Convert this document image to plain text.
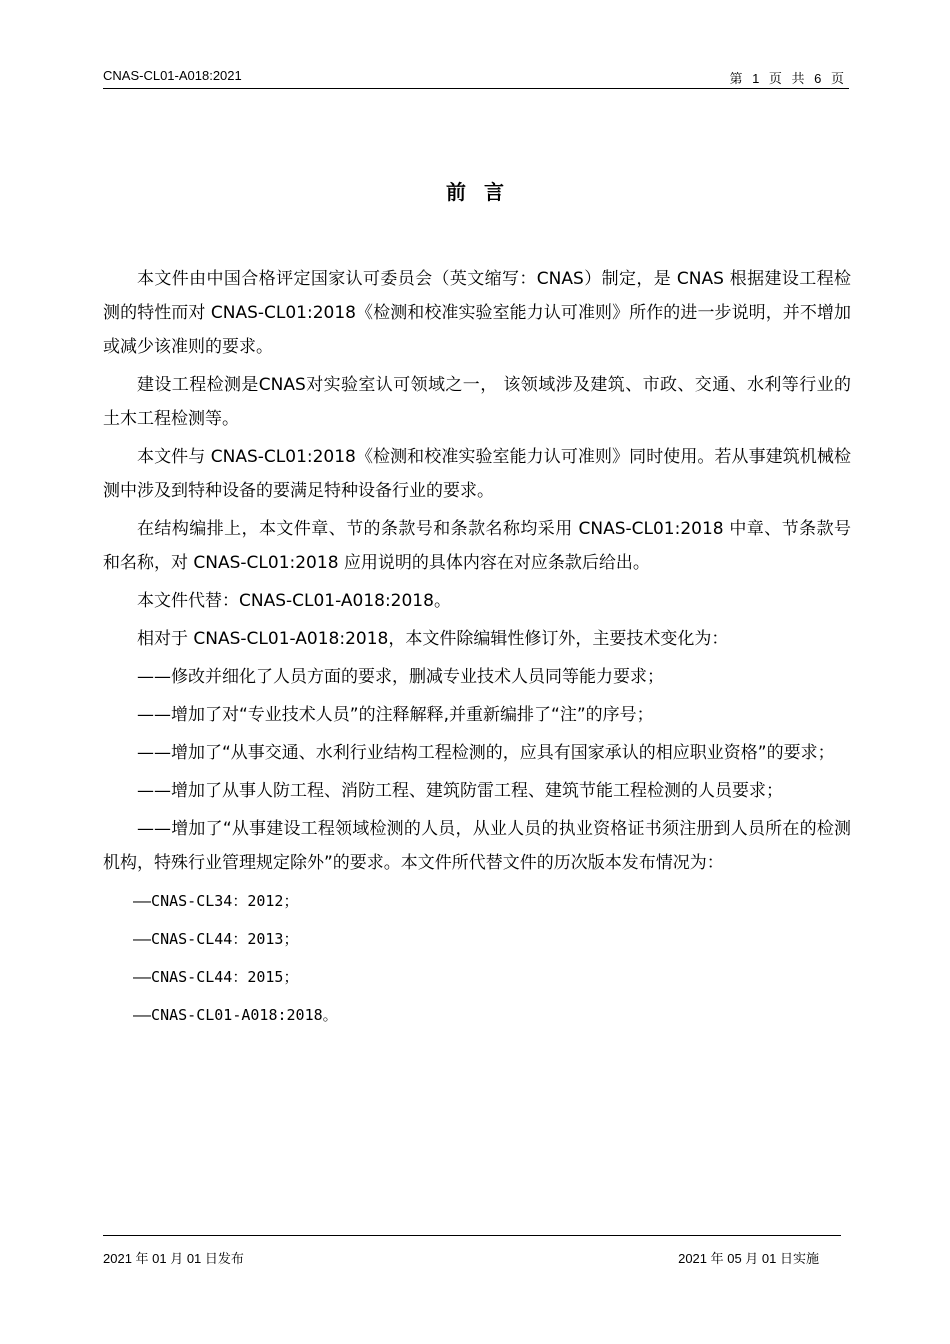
CNAS-CL01-A018:2021	第 1 页 共 6 页
前言

本文件由中国合格评定国家认可委员会（英文缩写：CNAS）制定，是 CNAS 根据建设工程检测的特性而对 CNAS-CL01:2018《检测和校准实验室能力认可准则》所作的进一步说明，并不增加或减少该准则的要求。

建设工程检测是CNAS对实验室认可领域之一， 该领域涉及建筑、市政、交通、水利等行业的土木工程检测等。

本文件与 CNAS-CL01:2018《检测和校准实验室能力认可准则》同时使用。若从事建筑机械检测中涉及到特种设备的要满足特种设备行业的要求。

在结构编排上，本文件章、节的条款号和条款名称均采用 CNAS-CL01:2018 中章、节条款号和名称，对 CNAS-CL01:2018 应用说明的具体内容在对应条款后给出。

本文件代替：CNAS-CL01-A018:2018。

相对于 CNAS-CL01-A018:2018，本文件除编辑性修订外，主要技术变化为：

——修改并细化了人员方面的要求，删减专业技术人员同等能力要求；

——增加了对“专业技术人员”的注释解释,并重新编排了“注”的序号；

——增加了“从事交通、水利行业结构工程检测的，应具有国家承认的相应职业资格”的要求；

——增加了从事人防工程、消防工程、建筑防雷工程、建筑节能工程检测的人员要求；

——增加了“从事建设工程领域检测的人员，从业人员的执业资格证书须注册到人员所在的检测机构，特殊行业管理规定除外”的要求。本文件所代替文件的历次版本发布情况为：

——CNAS-CL34：2012；

——CNAS-CL44：2013；

——CNAS-CL44：2015；

——CNAS-CL01-A018:2018。

2021 年 01 月 01 日发布	2021 年 05 月 01 日实施
